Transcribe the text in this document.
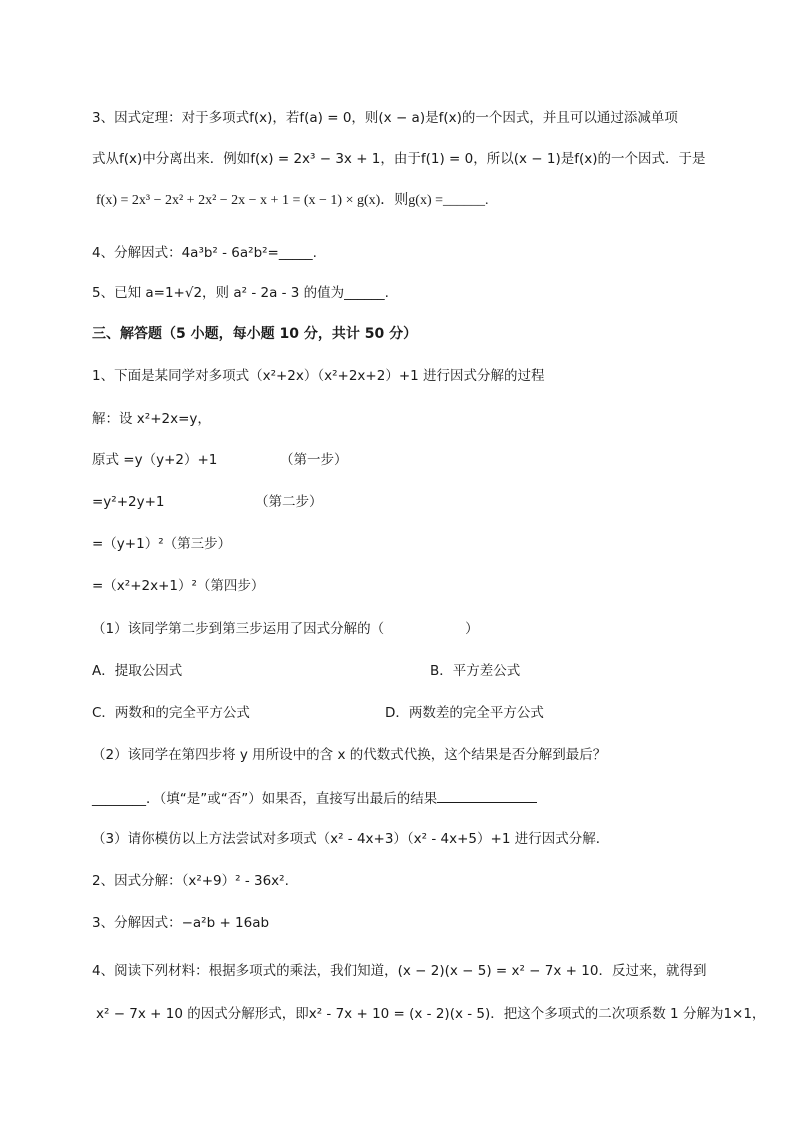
3、因式定理：对于多项式f(x)，若f(a) = 0，则(x − a)是f(x)的一个因式，并且可以通过添减单项
式从f(x)中分离出来．例如f(x) = 2x³ − 3x + 1，由于f(1) = 0，所以(x − 1)是f(x)的一个因式．于是
f(x) = 2x³ − 2x² + 2x² − 2x − x + 1 = (x − 1) × g(x)．则g(x) =______.
4、分解因式：4a³b² - 6a²b²=_____.
5、已知 a=1+√2，则 a² - 2a - 3 的值为______.
三、解答题（5 小题，每小题 10 分，共计 50 分）
1、下面是某同学对多项式（x²+2x）（x²+2x+2）+1 进行因式分解的过程
解：设 x²+2x=y，
原式 =y（y+2）+1	（第一步）
=y²+2y+1	（第二步）
=（y+1）²（第三步）
=（x²+2x+1）²（第四步）
（1）该同学第二步到第三步运用了因式分解的（　　　　　　）
A．提取公因式	B．平方差公式
C．两数和的完全平方公式	D．两数差的完全平方公式
（2）该同学在第四步将 y 用所设中的含 x 的代数式代换，这个结果是否分解到最后？
________．（填“是”或“否”）如果否，直接写出最后的结果
（3）请你模仿以上方法尝试对多项式（x² - 4x+3）（x² - 4x+5）+1 进行因式分解．
2、因式分解：（x²+9）² - 36x².
3、分解因式：−a²b + 16ab
4、阅读下列材料：根据多项式的乘法，我们知道，(x − 2)(x − 5) = x² − 7x + 10．反过来，就得到
x² − 7x + 10 的因式分解形式，即x² - 7x + 10 = (x - 2)(x - 5)．把这个多项式的二次项系数 1 分解为1×1，
